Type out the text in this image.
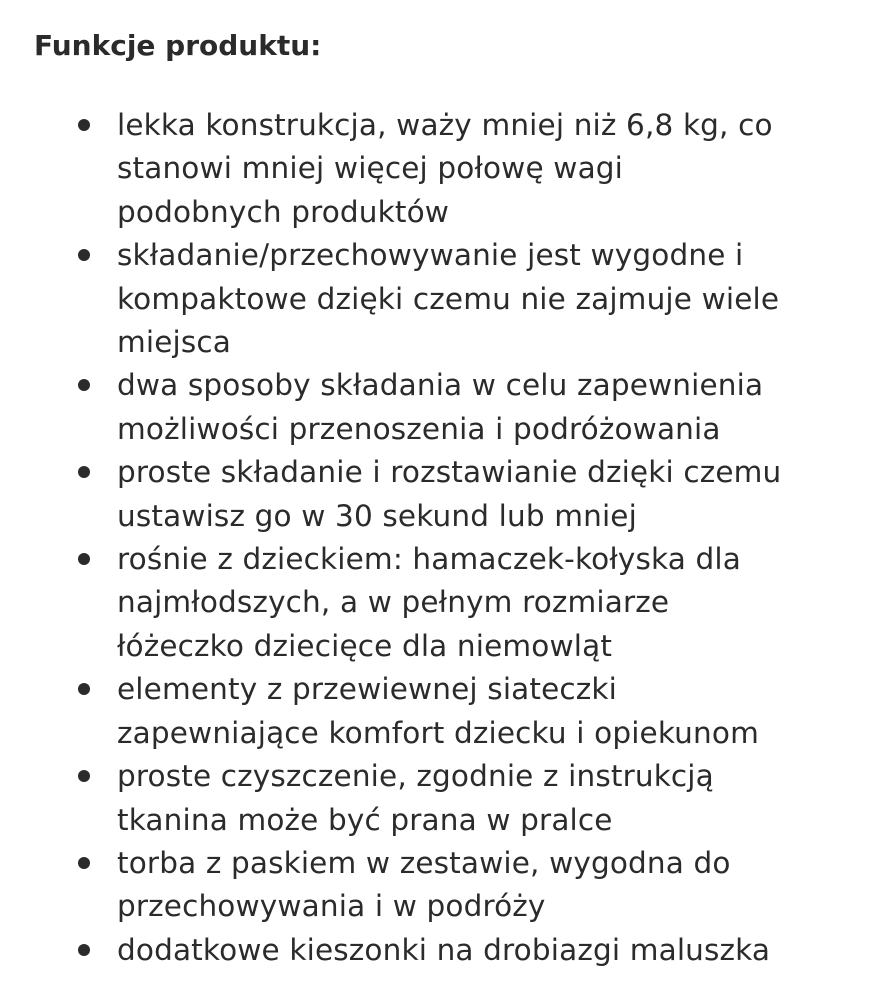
Funkcje produktu:
lekka konstrukcja, waży mniej niż 6,8 kg, co
stanowi mniej więcej połowę wagi
podobnych produktów
składanie/przechowywanie jest wygodne i
kompaktowe dzięki czemu nie zajmuje wiele
miejsca
dwa sposoby składania w celu zapewnienia
możliwości przenoszenia i podróżowania
proste składanie i rozstawianie dzięki czemu
ustawisz go w 30 sekund lub mniej
rośnie z dzieckiem: hamaczek-kołyska dla
najmłodszych, a w pełnym rozmiarze
łóżeczko dziecięce dla niemowląt
elementy z przewiewnej siateczki
zapewniające komfort dziecku i opiekunom
proste czyszczenie, zgodnie z instrukcją
tkanina może być prana w pralce
torba z paskiem w zestawie, wygodna do
przechowywania i w podróży
dodatkowe kieszonki na drobiazgi maluszka
